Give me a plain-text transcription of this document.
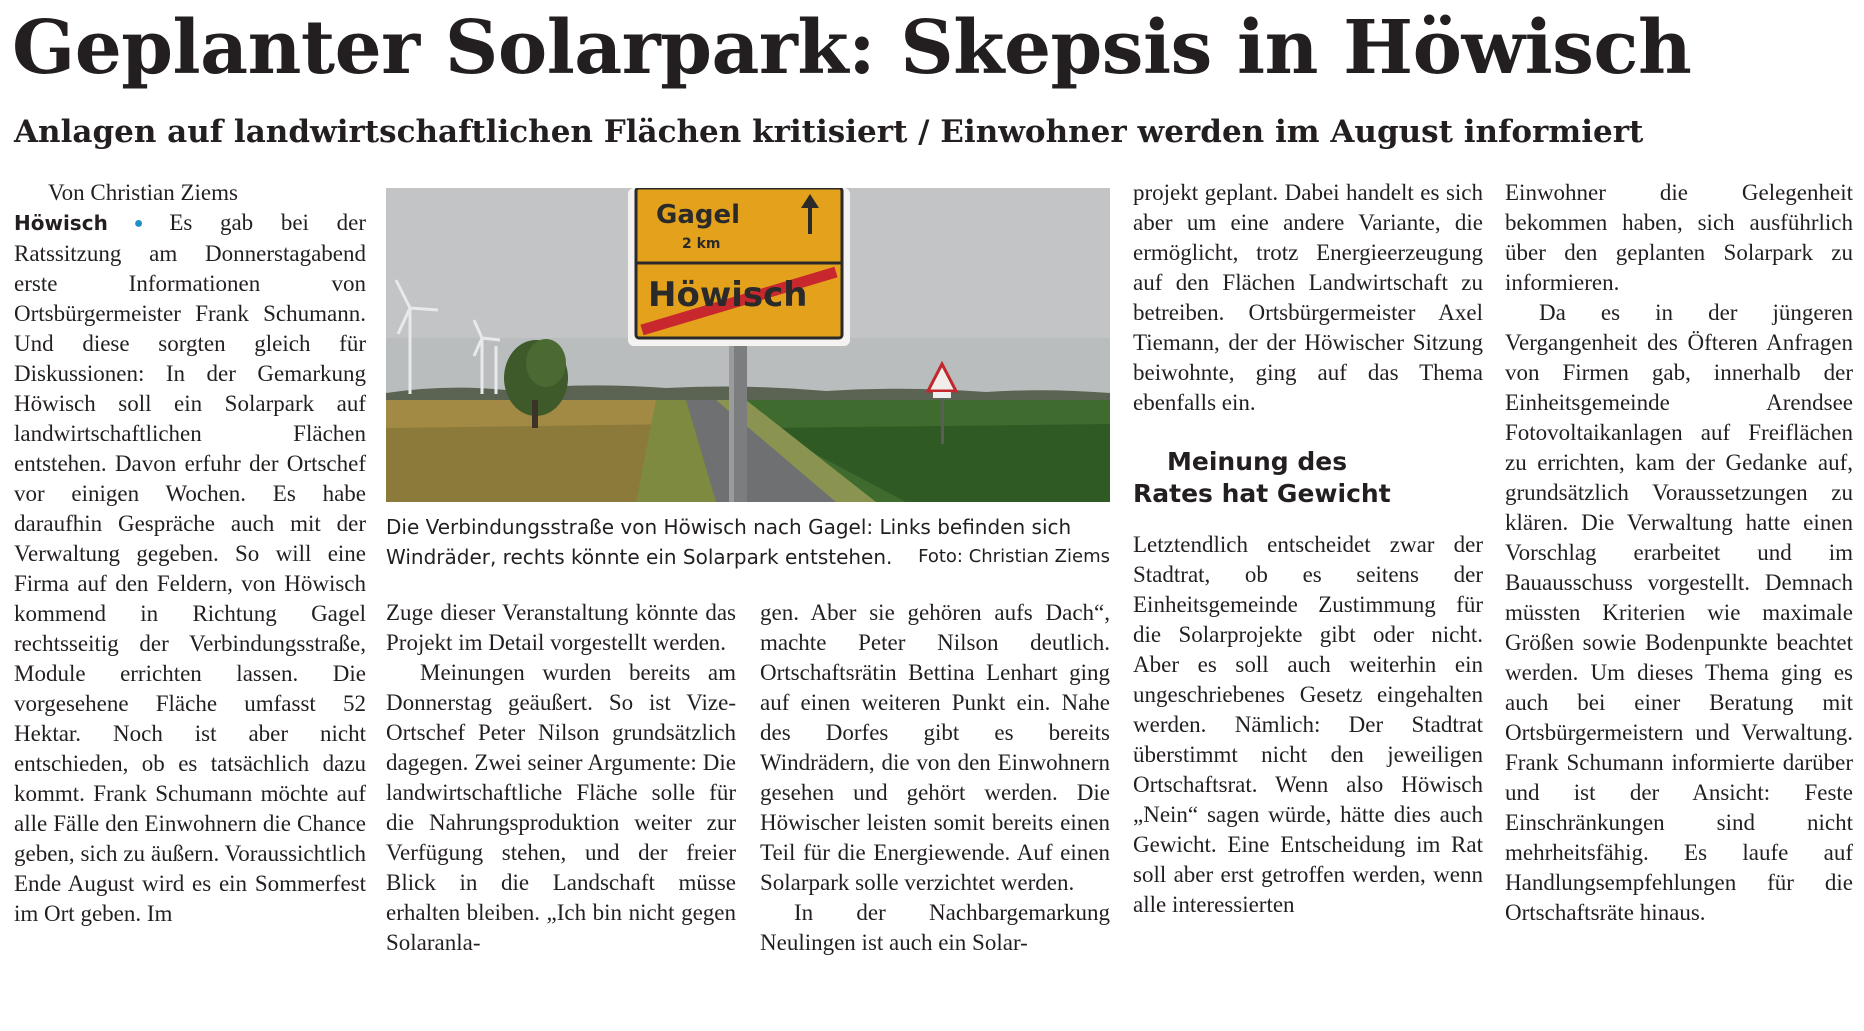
Geplanter Solarpark: Skepsis in Höwisch
Anlagen auf landwirtschaftlichen Flächen kritisiert / Einwohner werden im August informiert

Von Christian Ziems

Höwisch ● Es gab bei der Ratssitzung am Donnerstagabend erste Informationen von Ortsbürgermeister Frank Schumann. Und diese sorgten gleich für Diskussionen: In der Gemarkung Höwisch soll ein Solarpark auf landwirtschaftlichen Flächen entstehen. Davon erfuhr der Ortschef vor einigen Wochen. Es habe daraufhin Gespräche auch mit der Verwaltung gegeben. So will eine Firma auf den Feldern, von Höwisch kommend in Richtung Gagel rechtsseitig der Verbindungsstraße, Module errichten lassen. Die vorgesehene Fläche umfasst 52 Hektar. Noch ist aber nicht entschieden, ob es tatsächlich dazu kommt. Frank Schumann möchte auf alle Fälle den Einwohnern die Chance geben, sich zu äußern. Voraussichtlich Ende August wird es ein Sommerfest im Ort geben. Im

Gagel
2 km
Höwisch
Die Verbindungsstraße von Höwisch nach Gagel: Links befinden sich Windräder, rechts könnte ein Solarpark entstehen. Foto: Christian Ziems

Zuge dieser Veranstaltung könnte das Projekt im Detail vorgestellt werden.

Meinungen wurden bereits am Donnerstag geäußert. So ist Vize-Ortschef Peter Nilson grundsätzlich dagegen. Zwei seiner Argumente: Die landwirtschaftliche Fläche solle für die Nahrungsproduktion weiter zur Verfügung stehen, und der freier Blick in die Landschaft müsse erhalten bleiben. „Ich bin nicht gegen Solaranla-

gen. Aber sie gehören aufs Dach“, machte Peter Nilson deutlich. Ortschaftsrätin Bettina Lenhart ging auf einen weiteren Punkt ein. Nahe des Dorfes gibt es bereits Windrädern, die von den Einwohnern gesehen und gehört werden. Die Höwischer leisten somit bereits einen Teil für die Energiewende. Auf einen Solarpark solle verzichtet werden.

In der Nachbargemarkung Neulingen ist auch ein Solar-

projekt geplant. Dabei handelt es sich aber um eine andere Variante, die ermöglicht, trotz Energieerzeugung auf den Flächen Landwirtschaft zu betreiben. Ortsbürgermeister Axel Tiemann, der der Höwischer Sitzung beiwohnte, ging auf das Thema ebenfalls ein.

Meinung des
Rates hat Gewicht

Letztendlich entscheidet zwar der Stadtrat, ob es seitens der Einheitsgemeinde Zustimmung für die Solarprojekte gibt oder nicht. Aber es soll auch weiterhin ein ungeschriebenes Gesetz eingehalten werden. Nämlich: Der Stadtrat überstimmt nicht den jeweiligen Ortschaftsrat. Wenn also Höwisch „Nein“ sagen würde, hätte dies auch Gewicht. Eine Entscheidung im Rat soll aber erst getroffen werden, wenn alle interessierten

Einwohner die Gelegenheit bekommen haben, sich ausführlich über den geplanten Solarpark zu informieren.

Da es in der jüngeren Vergangenheit des Öfteren Anfragen von Firmen gab, innerhalb der Einheitsgemeinde Arendsee Fotovoltaikanlagen auf Freiflächen zu errichten, kam der Gedanke auf, grundsätzlich Voraussetzungen zu klären. Die Verwaltung hatte einen Vorschlag erarbeitet und im Bauausschuss vorgestellt. Demnach müssten Kriterien wie maximale Größen sowie Bodenpunkte beachtet werden. Um dieses Thema ging es auch bei einer Beratung mit Ortsbürgermeistern und Verwaltung. Frank Schumann informierte darüber und ist der Ansicht: Feste Einschränkungen sind nicht mehrheitsfähig. Es laufe auf Handlungsempfehlungen für die Ortschaftsräte hinaus.
